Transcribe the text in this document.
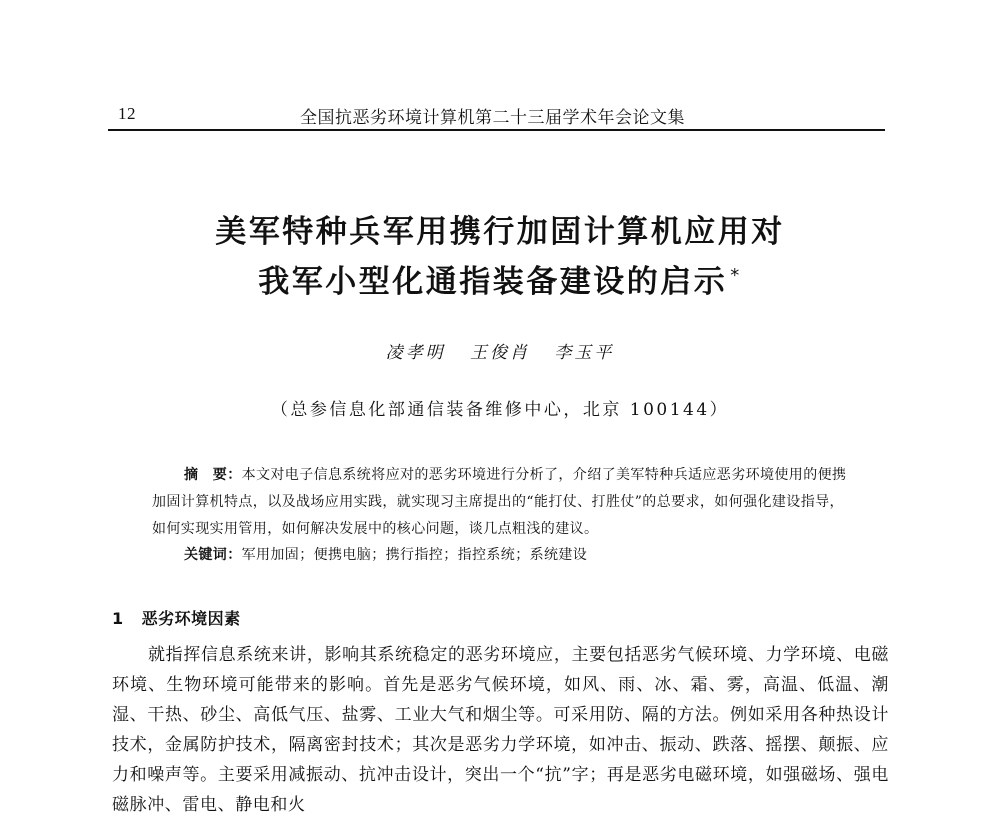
12	全国抗恶劣环境计算机第二十三届学术年会论文集
美军特种兵军用携行加固计算机应用对
我军小型化通指装备建设的启示 *
凌孝明 王俊肖 李玉平
（总参信息化部通信装备维修中心，北京 100144）
摘　要：本文对电子信息系统将应对的恶劣环境进行分析了，介绍了美军特种兵适应恶劣环境使用的便携加固计算机特点，以及战场应用实践，就实现习主席提出的“能打仗、打胜仗”的总要求，如何强化建设指导，如何实现实用管用，如何解决发展中的核心问题，谈几点粗浅的建议。
关键词：军用加固；便携电脑；携行指控；指控系统；系统建设
1 恶劣环境因素
就指挥信息系统来讲，影响其系统稳定的恶劣环境应，主要包括恶劣气候环境、力学环境、电磁环境、生物环境可能带来的影响。首先是恶劣气候环境，如风、雨、冰、霜、雾，高温、低温、潮湿、干热、砂尘、高低气压、盐雾、工业大气和烟尘等。可采用防、隔的方法。例如采用各种热设计技术，金属防护技术，隔离密封技术；其次是恶劣力学环境，如冲击、振动、跌落、摇摆、颠振、应力和噪声等。主要采用减振动、抗冲击设计，突出一个“抗”字；再是恶劣电磁环境，如强磁场、强电磁脉冲、雷电、静电和火
